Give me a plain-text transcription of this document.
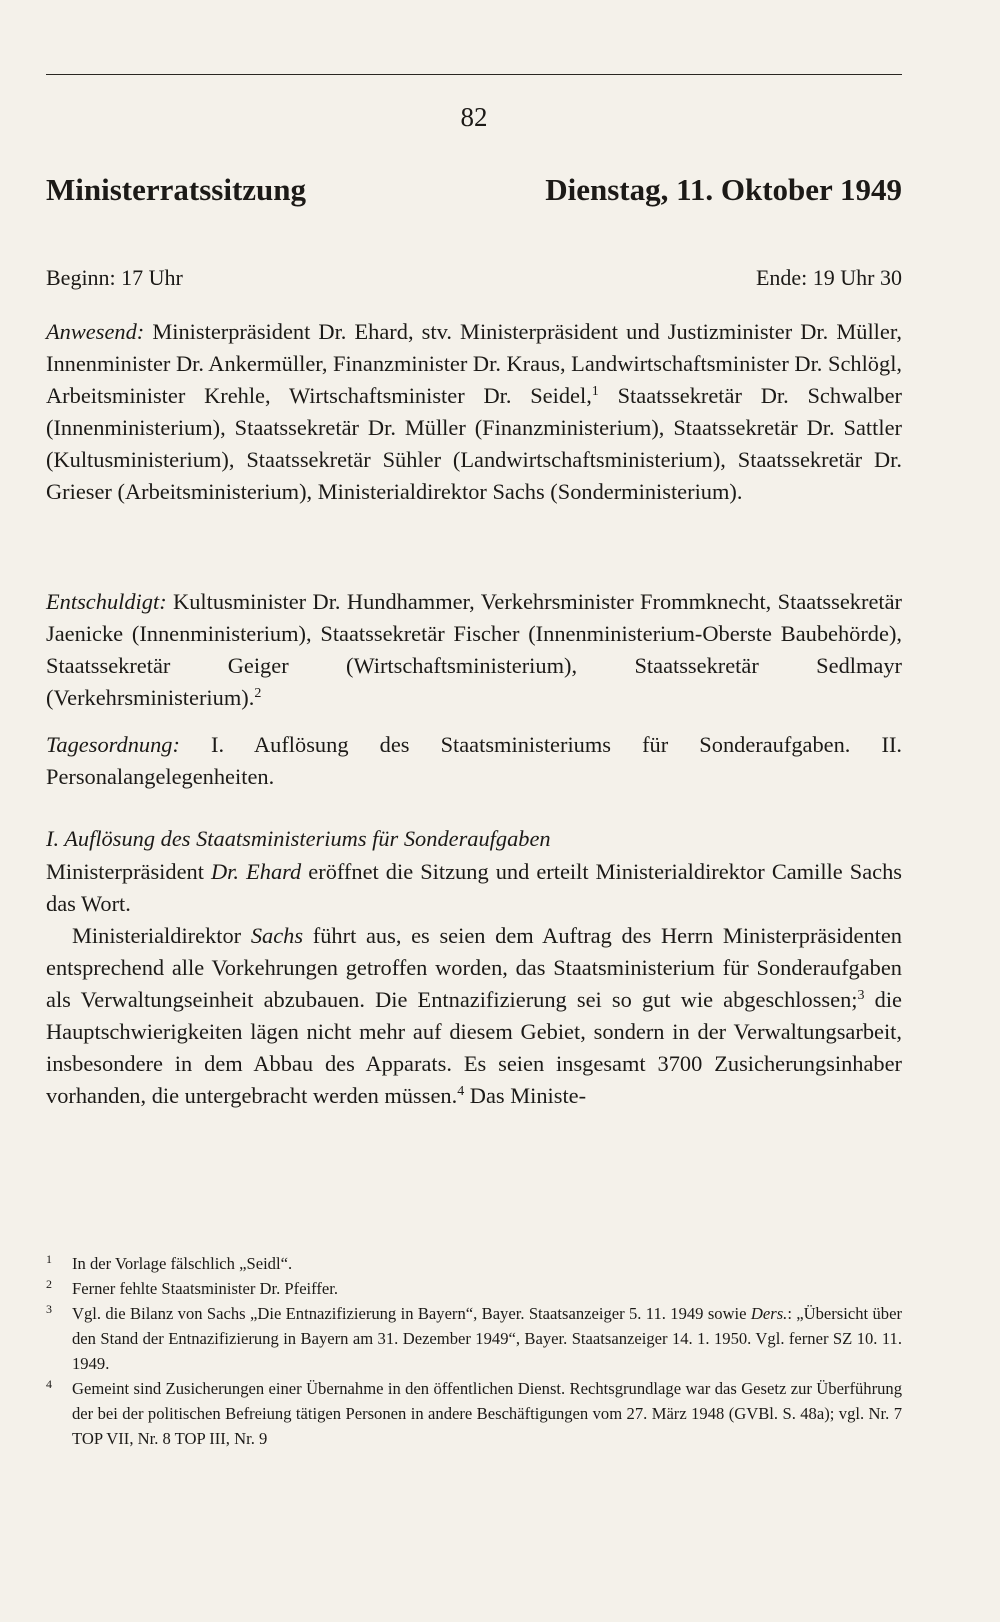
82
Ministerratssitzung	Dienstag, 11. Oktober 1949
Beginn: 17 Uhr	Ende: 19 Uhr 30

Anwesend: Ministerpräsident Dr. Ehard, stv. Ministerpräsident und Justizminister Dr. Müller, Innenminister Dr. Ankermüller, Finanzminister Dr. Kraus, Landwirtschaftsminister Dr. Schlögl, Arbeitsminister Krehle, Wirtschaftsminister Dr. Seidel,$^1$ Staatssekretär Dr. Schwalber (Innenministerium), Staatssekretär Dr. Müller (Finanzministerium), Staatssekretär Dr. Sattler (Kultusministerium), Staatssekretär Sühler (Landwirtschaftsministerium), Staatssekretär Dr. Grieser (Arbeitsministerium), Ministerialdirektor Sachs (Sonderministerium).

Entschuldigt: Kultusminister Dr. Hundhammer, Verkehrsminister Frommknecht, Staatssekretär Jaenicke (Innenministerium), Staatssekretär Fischer (Innenministerium-Oberste Baubehörde), Staatssekretär Geiger (Wirtschaftsministerium), Staatssekretär Sedlmayr (Verkehrsministerium).$^2$

Tagesordnung: I. Auflösung des Staatsministeriums für Sonderaufgaben. II. Personalangelegenheiten.

I. Auflösung des Staatsministeriums für Sonderaufgaben

Ministerpräsident Dr. Ehard eröffnet die Sitzung und erteilt Ministerialdirektor Camille Sachs das Wort.

Ministerialdirektor Sachs führt aus, es seien dem Auftrag des Herrn Ministerpräsidenten entsprechend alle Vorkehrungen getroffen worden, das Staatsministerium für Sonderaufgaben als Verwaltungseinheit abzubauen. Die Entnazifizierung sei so gut wie abgeschlossen;$^3$ die Hauptschwierigkeiten lägen nicht mehr auf diesem Gebiet, sondern in der Verwaltungsarbeit, insbesondere in dem Abbau des Apparats. Es seien insgesamt 3700 Zusicherungsinhaber vorhanden, die untergebracht werden müssen.$^4$ Das Ministe-

1	In der Vorlage fälschlich „Seidl“.
2	Ferner fehlte Staatsminister Dr. Pfeiffer.
3	Vgl. die Bilanz von Sachs „Die Entnazifizierung in Bayern“, Bayer. Staatsanzeiger 5. 11. 1949 sowie Ders.: „Übersicht über den Stand der Entnazifizierung in Bayern am 31. Dezember 1949“, Bayer. Staatsanzeiger 14. 1. 1950. Vgl. ferner SZ 10. 11. 1949.
4	Gemeint sind Zusicherungen einer Übernahme in den öffentlichen Dienst. Rechtsgrundlage war das Gesetz zur Überführung der bei der politischen Befreiung tätigen Personen in andere Beschäftigungen vom 27. März 1948 (GVBl. S. 48a); vgl. Nr. 7 TOP VII, Nr. 8 TOP III, Nr. 9
